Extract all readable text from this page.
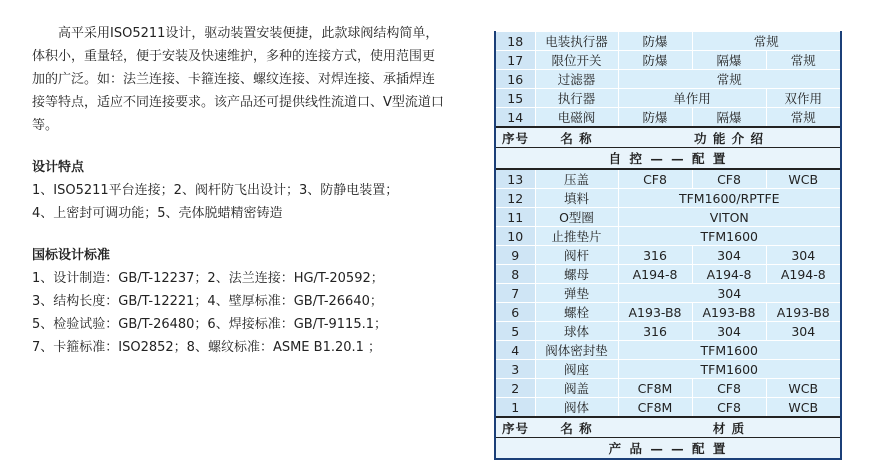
高平采用ISO5211设计，驱动装置安装便捷，此款球阀结构简单，体积小，重量轻，便于安装及快速维护，多种的连接方式，使用范围更加的广泛。如：法兰连接、卡箍连接、螺纹连接、对焊连接、承插焊连接等特点，适应不同连接要求。该产品还可提供线性流道口、V型流道口等。

设计特点
1、ISO5211平台连接；2、阀杆防飞出设计；3、防静电装置；
4、上密封可调功能；5、壳体脱蜡精密铸造
国标设计标准
1、设计制造：GB/T-12237；2、法兰连接：HG/T-20592；
3、结构长度：GB/T-12221；4、壁厚标准：GB/T-26640；
5、检验试验：GB/T-26480；6、焊接标准：GB/T-9115.1；
7、卡箍标准：ISO2852；8、螺纹标准：ASME B1.20.1 ；
18	电装执行器	防爆	常规	
17	限位开关	防爆	隔爆	常规
16	过滤器	常规		
15	执行器	单作用		双作用
14	电磁阀	防爆	隔爆	常规
序号	名 称	功 能 介 绍		
自 控 — — 配 置				
13	压盖	CF8	CF8	WCB
12	填料	TFM1600/RPTFE		
11	O型圈	VITON		
10	止推垫片	TFM1600		
9	阀杆	316	304	304
8	螺母	A194-8	A194-8	A194-8
7	弹垫	304		
6	螺栓	A193-B8	A193-B8	A193-B8
5	球体	316	304	304
4	阀体密封垫	TFM1600		
3	阀座	TFM1600		
2	阀盖	CF8M	CF8	WCB
1	阀体	CF8M	CF8	WCB
序号	名 称	材 质		
产 品 — — 配 置				
